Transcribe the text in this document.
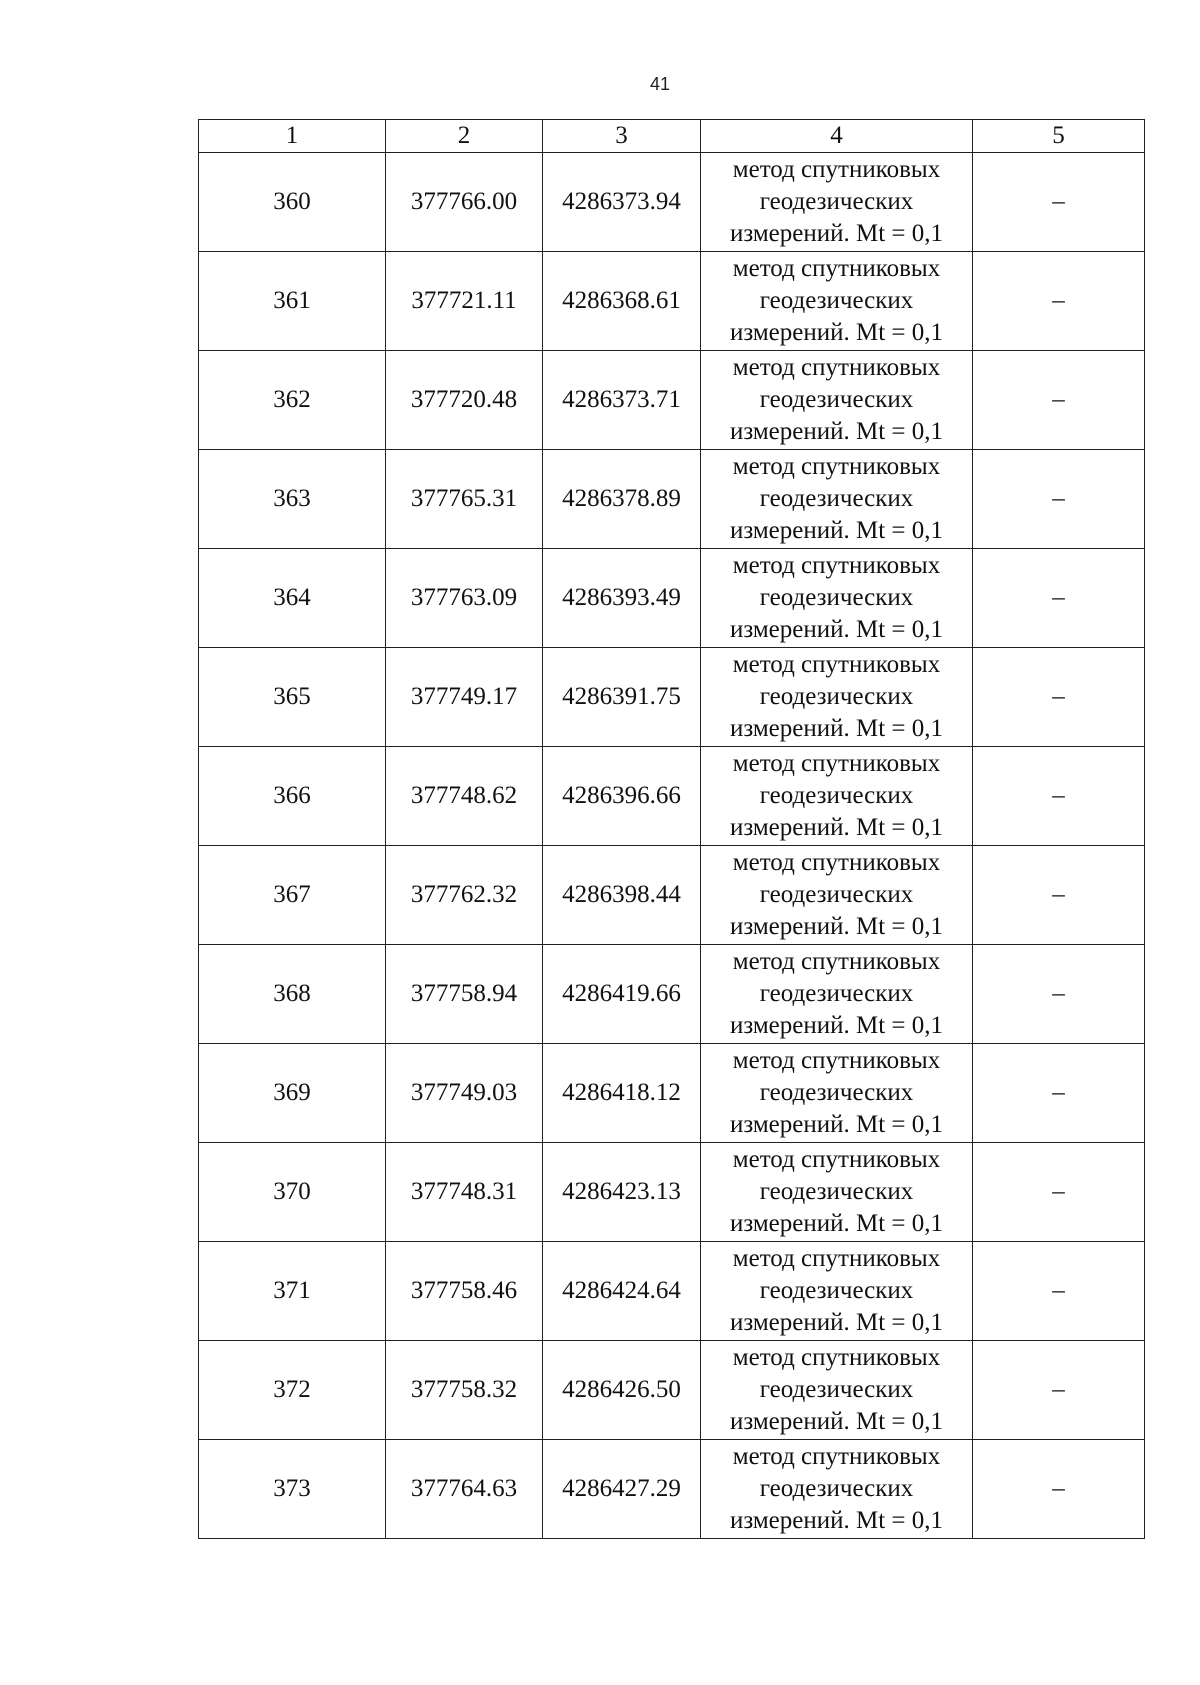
41
1	2	3	4	5
360	377766.00	4286373.94	метод спутниковых
геодезических
измерений. Mt = 0,1	–
361	377721.11	4286368.61	метод спутниковых
геодезических
измерений. Mt = 0,1	–
362	377720.48	4286373.71	метод спутниковых
геодезических
измерений. Mt = 0,1	–
363	377765.31	4286378.89	метод спутниковых
геодезических
измерений. Mt = 0,1	–
364	377763.09	4286393.49	метод спутниковых
геодезических
измерений. Mt = 0,1	–
365	377749.17	4286391.75	метод спутниковых
геодезических
измерений. Mt = 0,1	–
366	377748.62	4286396.66	метод спутниковых
геодезических
измерений. Mt = 0,1	–
367	377762.32	4286398.44	метод спутниковых
геодезических
измерений. Mt = 0,1	–
368	377758.94	4286419.66	метод спутниковых
геодезических
измерений. Mt = 0,1	–
369	377749.03	4286418.12	метод спутниковых
геодезических
измерений. Mt = 0,1	–
370	377748.31	4286423.13	метод спутниковых
геодезических
измерений. Mt = 0,1	–
371	377758.46	4286424.64	метод спутниковых
геодезических
измерений. Mt = 0,1	–
372	377758.32	4286426.50	метод спутниковых
геодезических
измерений. Mt = 0,1	–
373	377764.63	4286427.29	метод спутниковых
геодезических
измерений. Mt = 0,1	–
